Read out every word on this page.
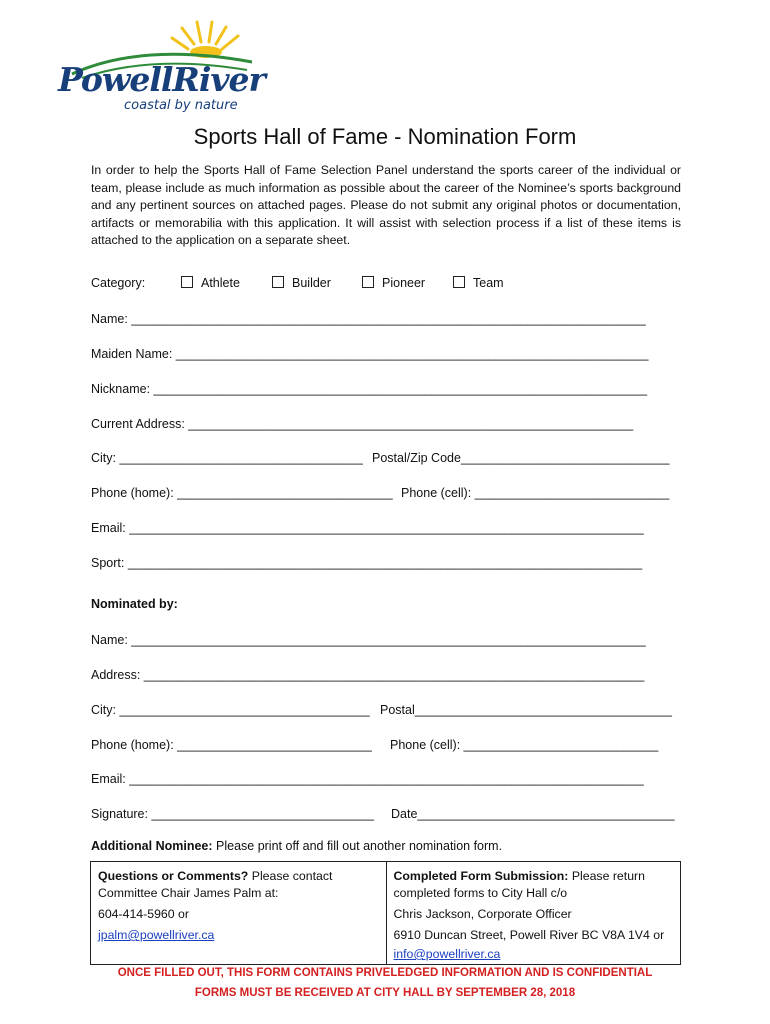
PowellRiver
coastal by nature
Sports Hall of Fame - Nomination Form

In order to help the Sports Hall of Fame Selection Panel understand the sports career of the individual or team, please include as much information as possible about the career of the Nominee’s sports background and any pertinent sources on attached pages. Please do not submit any original photos or documentation, artifacts or memorabilia with this application. It will assist with selection process if a list of these items is attached to the application on a separate sheet.

Category:	Athlete	Builder	Pioneer	Team
Name: __________________________________________________________________________
Maiden Name: ____________________________________________________________________
Nickname: _______________________________________________________________________
Current Address: ________________________________________________________________
City: ___________________________________ Postal/Zip Code______________________________
Phone (home): _______________________________ Phone (cell): ____________________________
Email: __________________________________________________________________________
Sport: __________________________________________________________________________
Nominated by:
Name: __________________________________________________________________________
Address: ________________________________________________________________________
City: ____________________________________ Postal_____________________________________
Phone (home): ____________________________	Phone (cell): ____________________________
Email: __________________________________________________________________________
Signature: ________________________________	Date_____________________________________
Additional Nominee: Please print off and fill out another nomination form.

Questions or Comments? Please contact Committee Chair James Palm at:

604-414-5960 or

jpalm@powellriver.ca

Completed Form Submission: Please return completed forms to City Hall c/o

Chris Jackson, Corporate Officer

6910 Duncan Street, Powell River BC V8A 1V4 or

info@powellriver.ca

ONCE FILLED OUT, THIS FORM CONTAINS PRIVELEDGED INFORMATION AND IS CONFIDENTIAL
FORMS MUST BE RECEIVED AT CITY HALL BY SEPTEMBER 28, 2018
